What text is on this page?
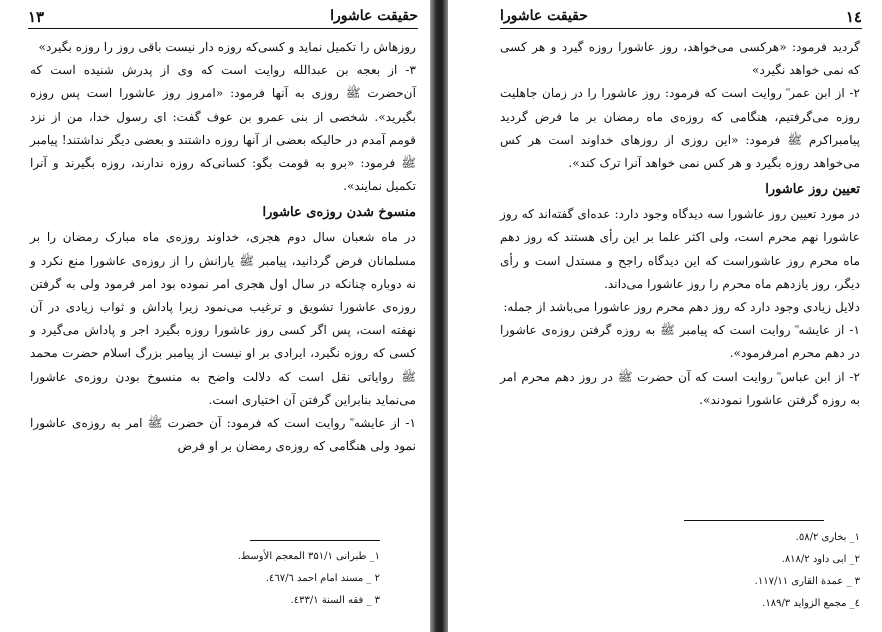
۱۳	حقیقت عاشورا

روزهاش را تکمیل نماید و کسی‌که روزه دار نیست باقی روز را روزه بگیرد»

۳- از بعجه بن عبدالله روایت است که وی از پدرش شنیده است که آن‌حضرت ﷺ روزی به آنها فرمود: «امروز روز عاشورا است پس روزه بگیرید». شخصی از بنی عمرو بن عوف گفت: ای رسول خدا، من از نزد قومم آمدم در حالیکه بعضی از آنها روزه داشتند و بعضی دیگر نداشتند! پیامبر ﷺ فرمود: «برو به قومت بگو: کسانی‌که روزه ندارند، روزه بگیرند و آنرا تکمیل نمایند».

منسوخ شدن روزه‌ی عاشورا

در ماه شعبان سال دوم هجری، خداوند روزه‌ی ماه مبارک رمضان را بر مسلمانان فرض گردانید، پیامبر ﷺ یارانش را از روزه‌ی عاشورا منع نکرد و نه دوباره چنانکه در سال اول هجری امر نموده بود امر فرمود ولی به گرفتن روزه‌ی عاشورا تشویق و ترغیب می‌نمود زیرا پاداش و ثواب زیادی در آن نهفته است، پس اگر کسی روز عاشورا روزه بگیرد اجر و پاداش می‌گیرد و کسی که روزه نگیرد، ایرادی بر او نیست از پیامبر بزرگ اسلام حضرت محمد ﷺ روایاتی نقل است که دلالت واضح به منسوخ بودن روزه‌ی عاشورا می‌نماید بنابراین گرفتن آن اختیاری است.

۱- از عایشه ؓ روایت است که فرمود: آن حضرت ﷺ امر به روزه‌ی عاشورا نمود ولی هنگامی که روزه‌ی رمضان بر او فرض

۱_ طبرانی ۳۵۱/۱ المعجم الأوسط.
۲ _ مسند امام احمد ٤٦٧/٦.
۳ _ فقه السنة ٤٣٣/١.
۱٤
حقیقت عاشورا

گردید فرمود: «هرکسی می‌خواهد، روز عاشورا روزه گیرد و هر کسی که نمی خواهد نگیرد»

۲- از ابن عمر ؓ روایت است که فرمود: روز عاشورا را در زمان جاهلیت روزه می‌گرفتیم، هنگامی که روزه‌ی ماه رمضان بر ما فرض گردید پیامبراکرم ﷺ فرمود: «این روزی از روزهای خداوند است هر کس می‌خواهد روزه بگیرد و هر کس نمی خواهد آنرا ترک کند».

تعیین روز عاشورا

در مورد تعیین روز عاشورا سه دیدگاه وجود دارد: عده‌ای گفته‌اند که روز عاشورا نهم محرم است، ولی اکثر علما بر این رأی هستند که روز دهم ماه محرم روز عاشوراست که این دیدگاه راجح و مستدل است و رأی دیگر، روز یازدهم ماه محرم را روز عاشورا می‌داند.

دلایل زیادی وجود دارد که روز دهم محرم روز عاشورا می‌باشد از جمله:

۱- از عایشه ؓ روایت است که پیامبر ﷺ به روزه گرفتن روزه‌ی عاشورا در دهم محرم امرفرمود».

۲- از ابن عباس ؓ روایت است که آن حضرت ﷺ در روز دهم محرم امر به روزه گرفتن عاشورا نمودند».

۱_ بخاری ٥٨/٢.
۲_ ابی داود ٨١٨/٢.
۳ _ عمدة القاری ١١٧/١١.
٤_ مجمع الزواید ١٨٩/٣.
